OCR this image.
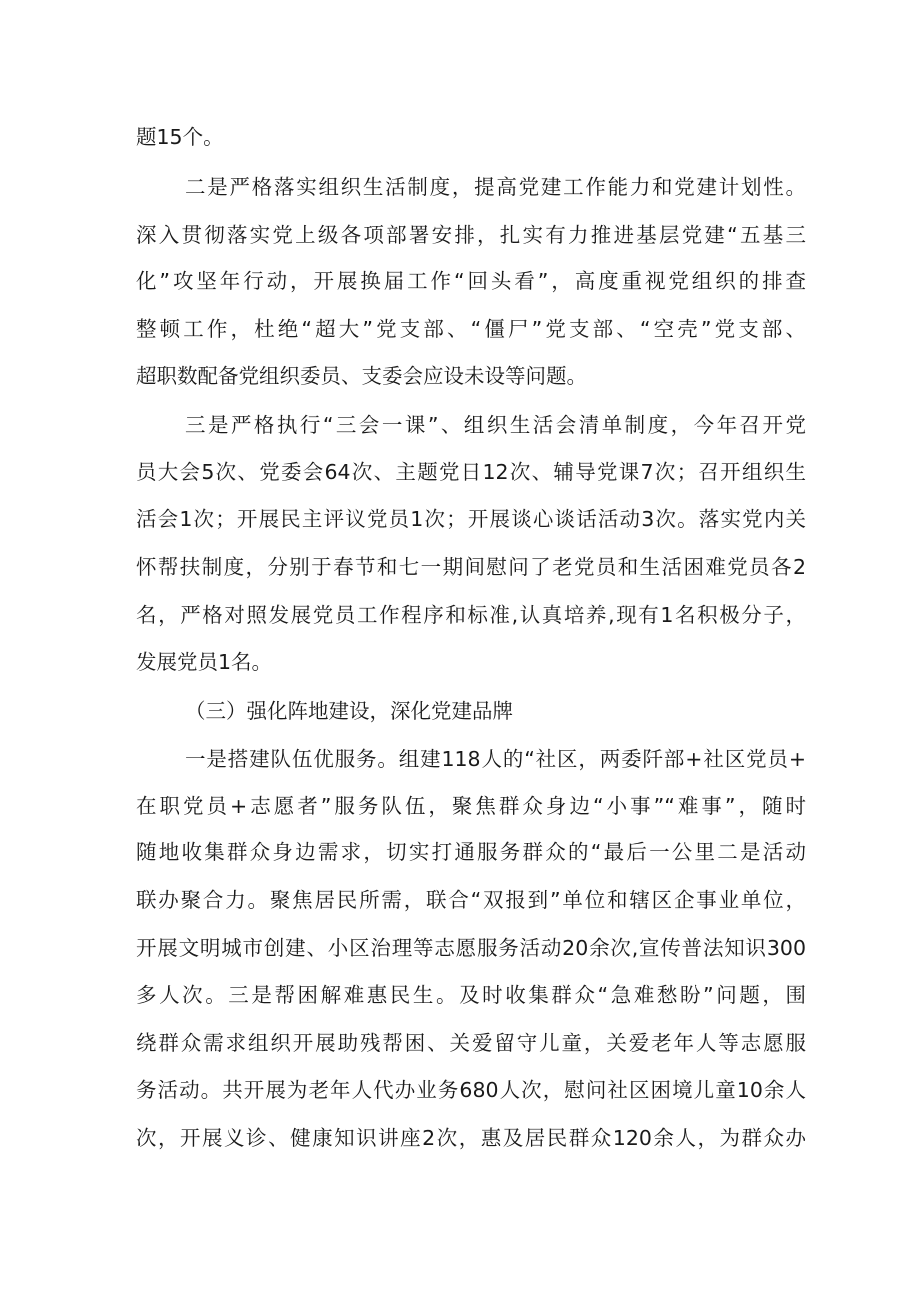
题15个。

二是严格落实组织生活制度，提高党建工作能力和党建计划性。

深入贯彻落实党上级各项部署安排，扎实有力推进基层党建“五基三

化”攻坚年行动，开展换届工作“回头看”，高度重视党组织的排查

整顿工作，杜绝“超大”党支部、“僵尸”党支部、“空壳”党支部、

超职数配备党组织委员、支委会应设未设等问题。

三是严格执行“三会一课”、组织生活会清单制度，今年召开党

员大会5次、党委会64次、主题党日12次、辅导党课7次；召开组织生

活会1次；开展民主评议党员1次；开展谈心谈话活动3次。落实党内关

怀帮扶制度，分别于春节和七一期间慰问了老党员和生活困难党员各2

名，严格对照发展党员工作程序和标准,认真培养,现有1名积极分子，

发展党员1名。

（三）强化阵地建设，深化党建品牌

一是搭建队伍优服务。组建118人的“社区，两委阡部+社区党员+

在职党员+志愿者”服务队伍，聚焦群众身边“小事”“难事”，随时

随地收集群众身边需求，切实打通服务群众的“最后一公里二是活动

联办聚合力。聚焦居民所需，联合“双报到”单位和辖区企事业单位，

开展文明城市创建、小区治理等志愿服务活动20余次,宣传普法知识300

多人次。三是帮困解难惠民生。及时收集群众“急难愁盼”问题，围

绕群众需求组织开展助残帮困、关爱留守儿童，关爱老年人等志愿服

务活动。共开展为老年人代办业务680人次，慰问社区困境儿童10余人

次，开展义诊、健康知识讲座2次，惠及居民群众120余人，为群众办
